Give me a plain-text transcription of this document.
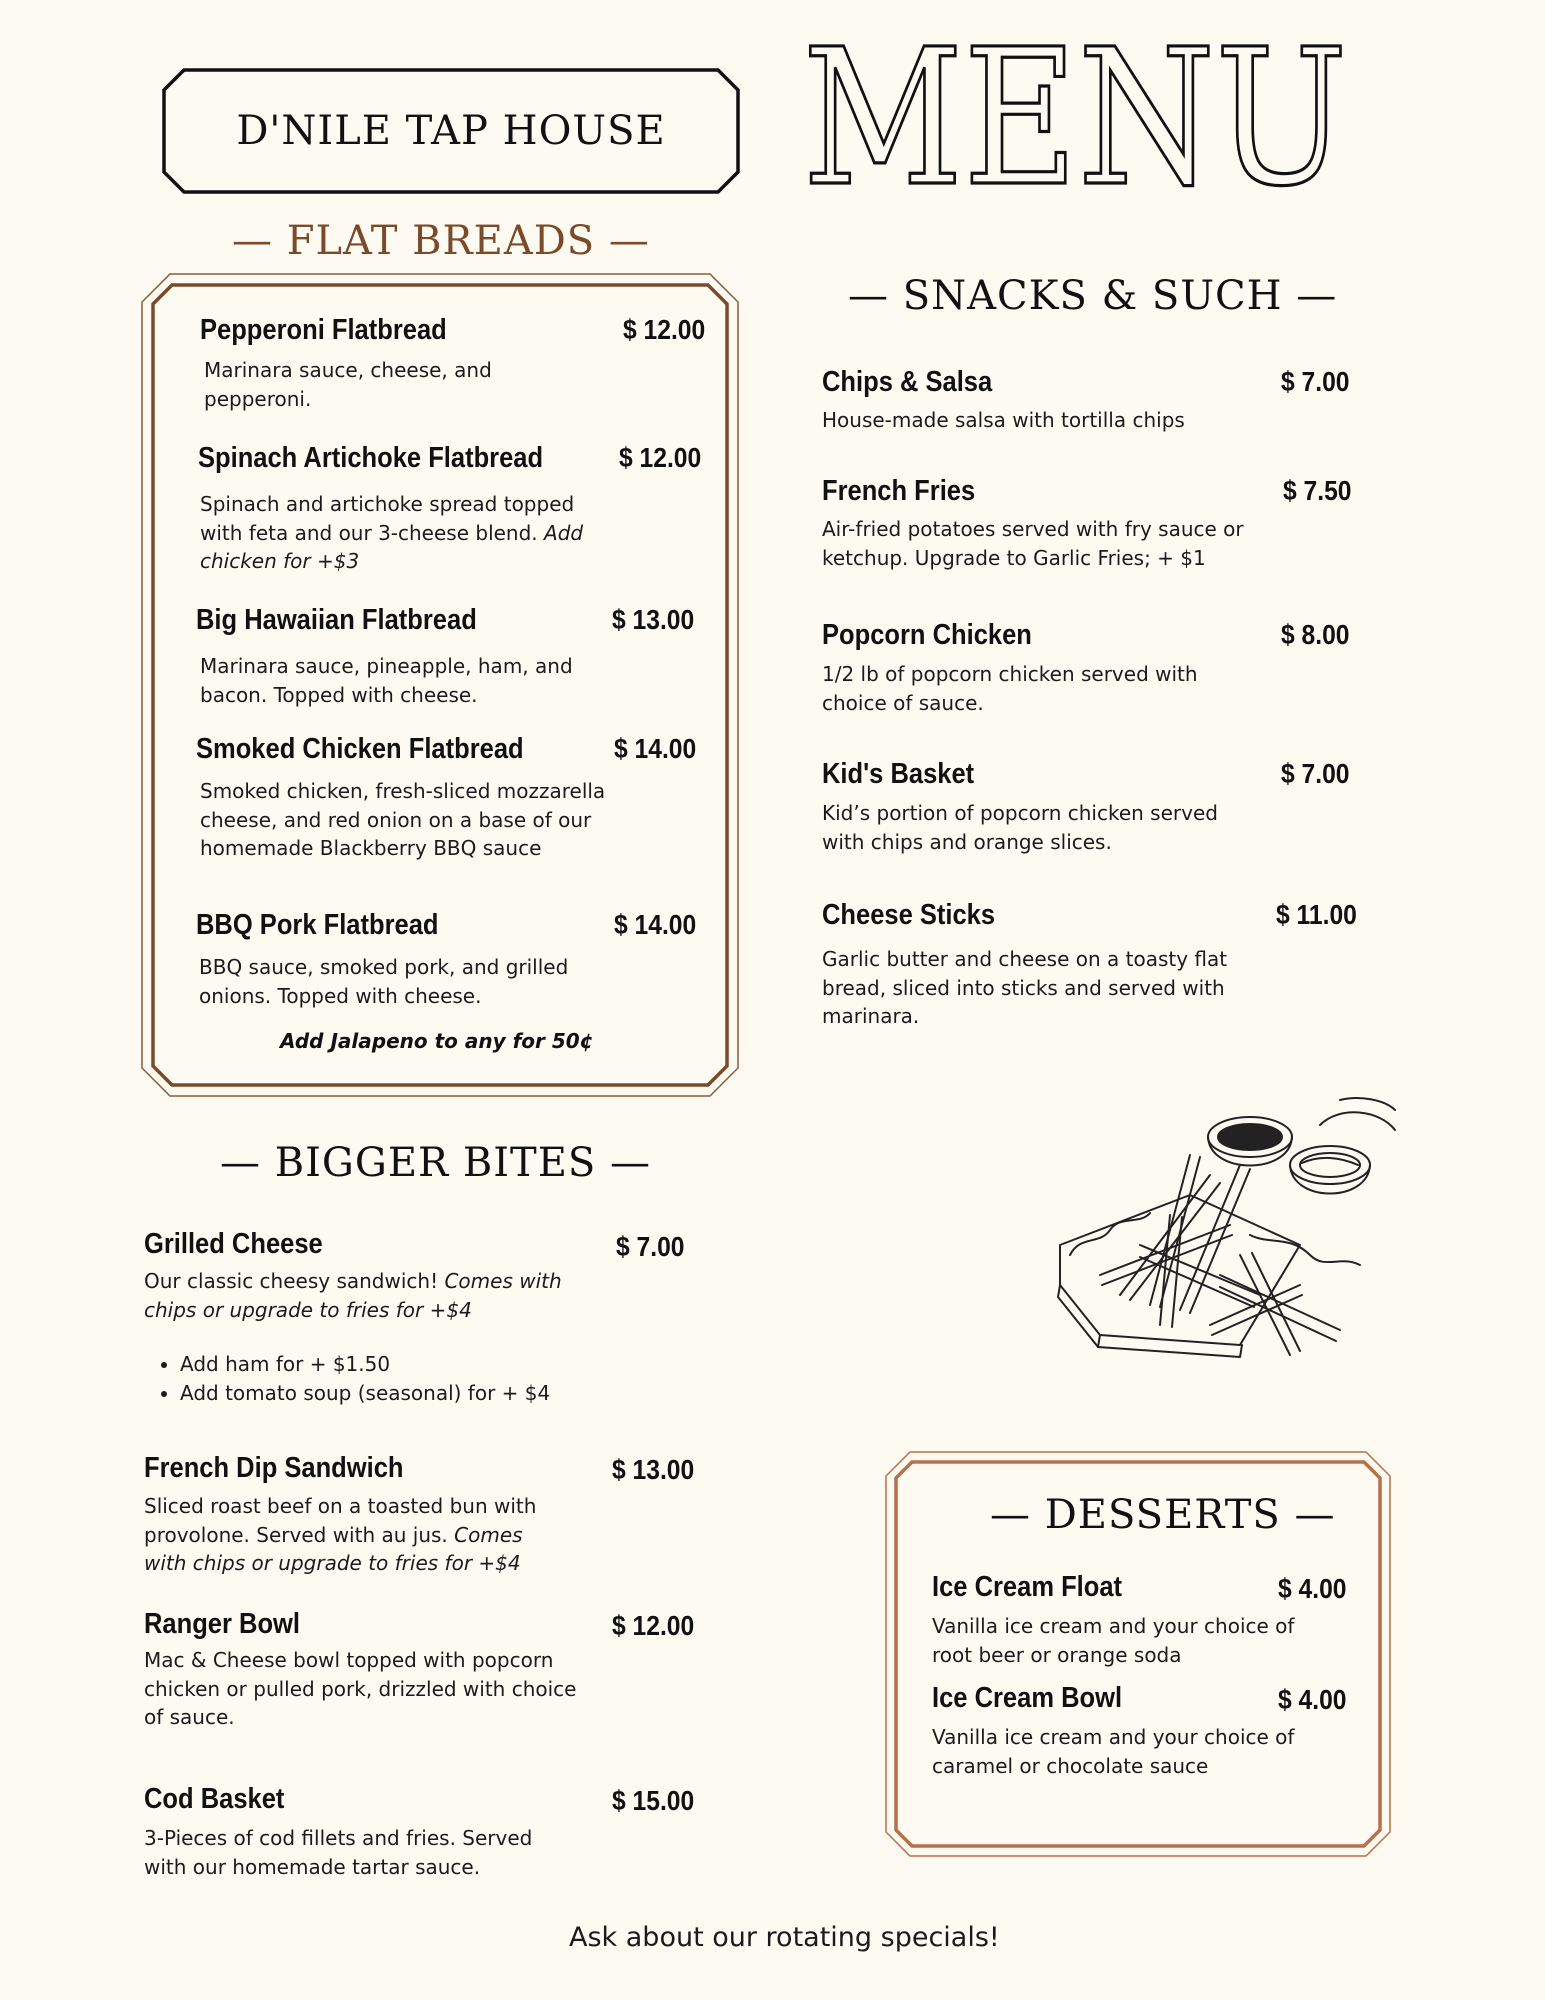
D'NILE TAP HOUSE MENU
— FLAT BREADS —
Pepperoni Flatbread	$ 12.00
Marinara sauce, cheese, and pepperoni.
Spinach Artichoke Flatbread	$ 12.00
Spinach and artichoke spread topped with feta and our 3-cheese blend. Add chicken for +$3
Big Hawaiian Flatbread	$ 13.00
Marinara sauce, pineapple, ham, and bacon. Topped with cheese.
Smoked Chicken Flatbread	$ 14.00
Smoked chicken, fresh-sliced mozzarella cheese, and red onion on a base of our homemade Blackberry BBQ sauce
BBQ Pork Flatbread	$ 14.00
BBQ sauce, smoked pork, and grilled onions. Topped with cheese.
Add Jalapeno to any for 50¢
— SNACKS & SUCH —
Chips & Salsa	$ 7.00
House-made salsa with tortilla chips
French Fries	$ 7.50
Air-fried potatoes served with fry sauce or ketchup. Upgrade to Garlic Fries; + $1
Popcorn Chicken	$ 8.00
1/2 lb of popcorn chicken served with choice of sauce.
Kid's Basket	$ 7.00
Kid’s portion of popcorn chicken served with chips and orange slices.
Cheese Sticks	$ 11.00
Garlic butter and cheese on a toasty flat bread, sliced into sticks and served with marinara.
— BIGGER BITES —
Grilled Cheese	$ 7.00
Our classic cheesy sandwich! Comes with chips or upgrade to fries for +$4
• Add ham for + $1.50
• Add tomato soup (seasonal) for + $4
French Dip Sandwich	$ 13.00
Sliced roast beef on a toasted bun with provolone. Served with au jus. Comes with chips or upgrade to fries for +$4
Ranger Bowl	$ 12.00
Mac & Cheese bowl topped with popcorn chicken or pulled pork, drizzled with choice of sauce.
Cod Basket	$ 15.00
3-Pieces of cod fillets and fries. Served with our homemade tartar sauce.
— DESSERTS —
Ice Cream Float	$ 4.00
Vanilla ice cream and your choice of root beer or orange soda
Ice Cream Bowl	$ 4.00
Vanilla ice cream and your choice of caramel or chocolate sauce
Ask about our rotating specials!
